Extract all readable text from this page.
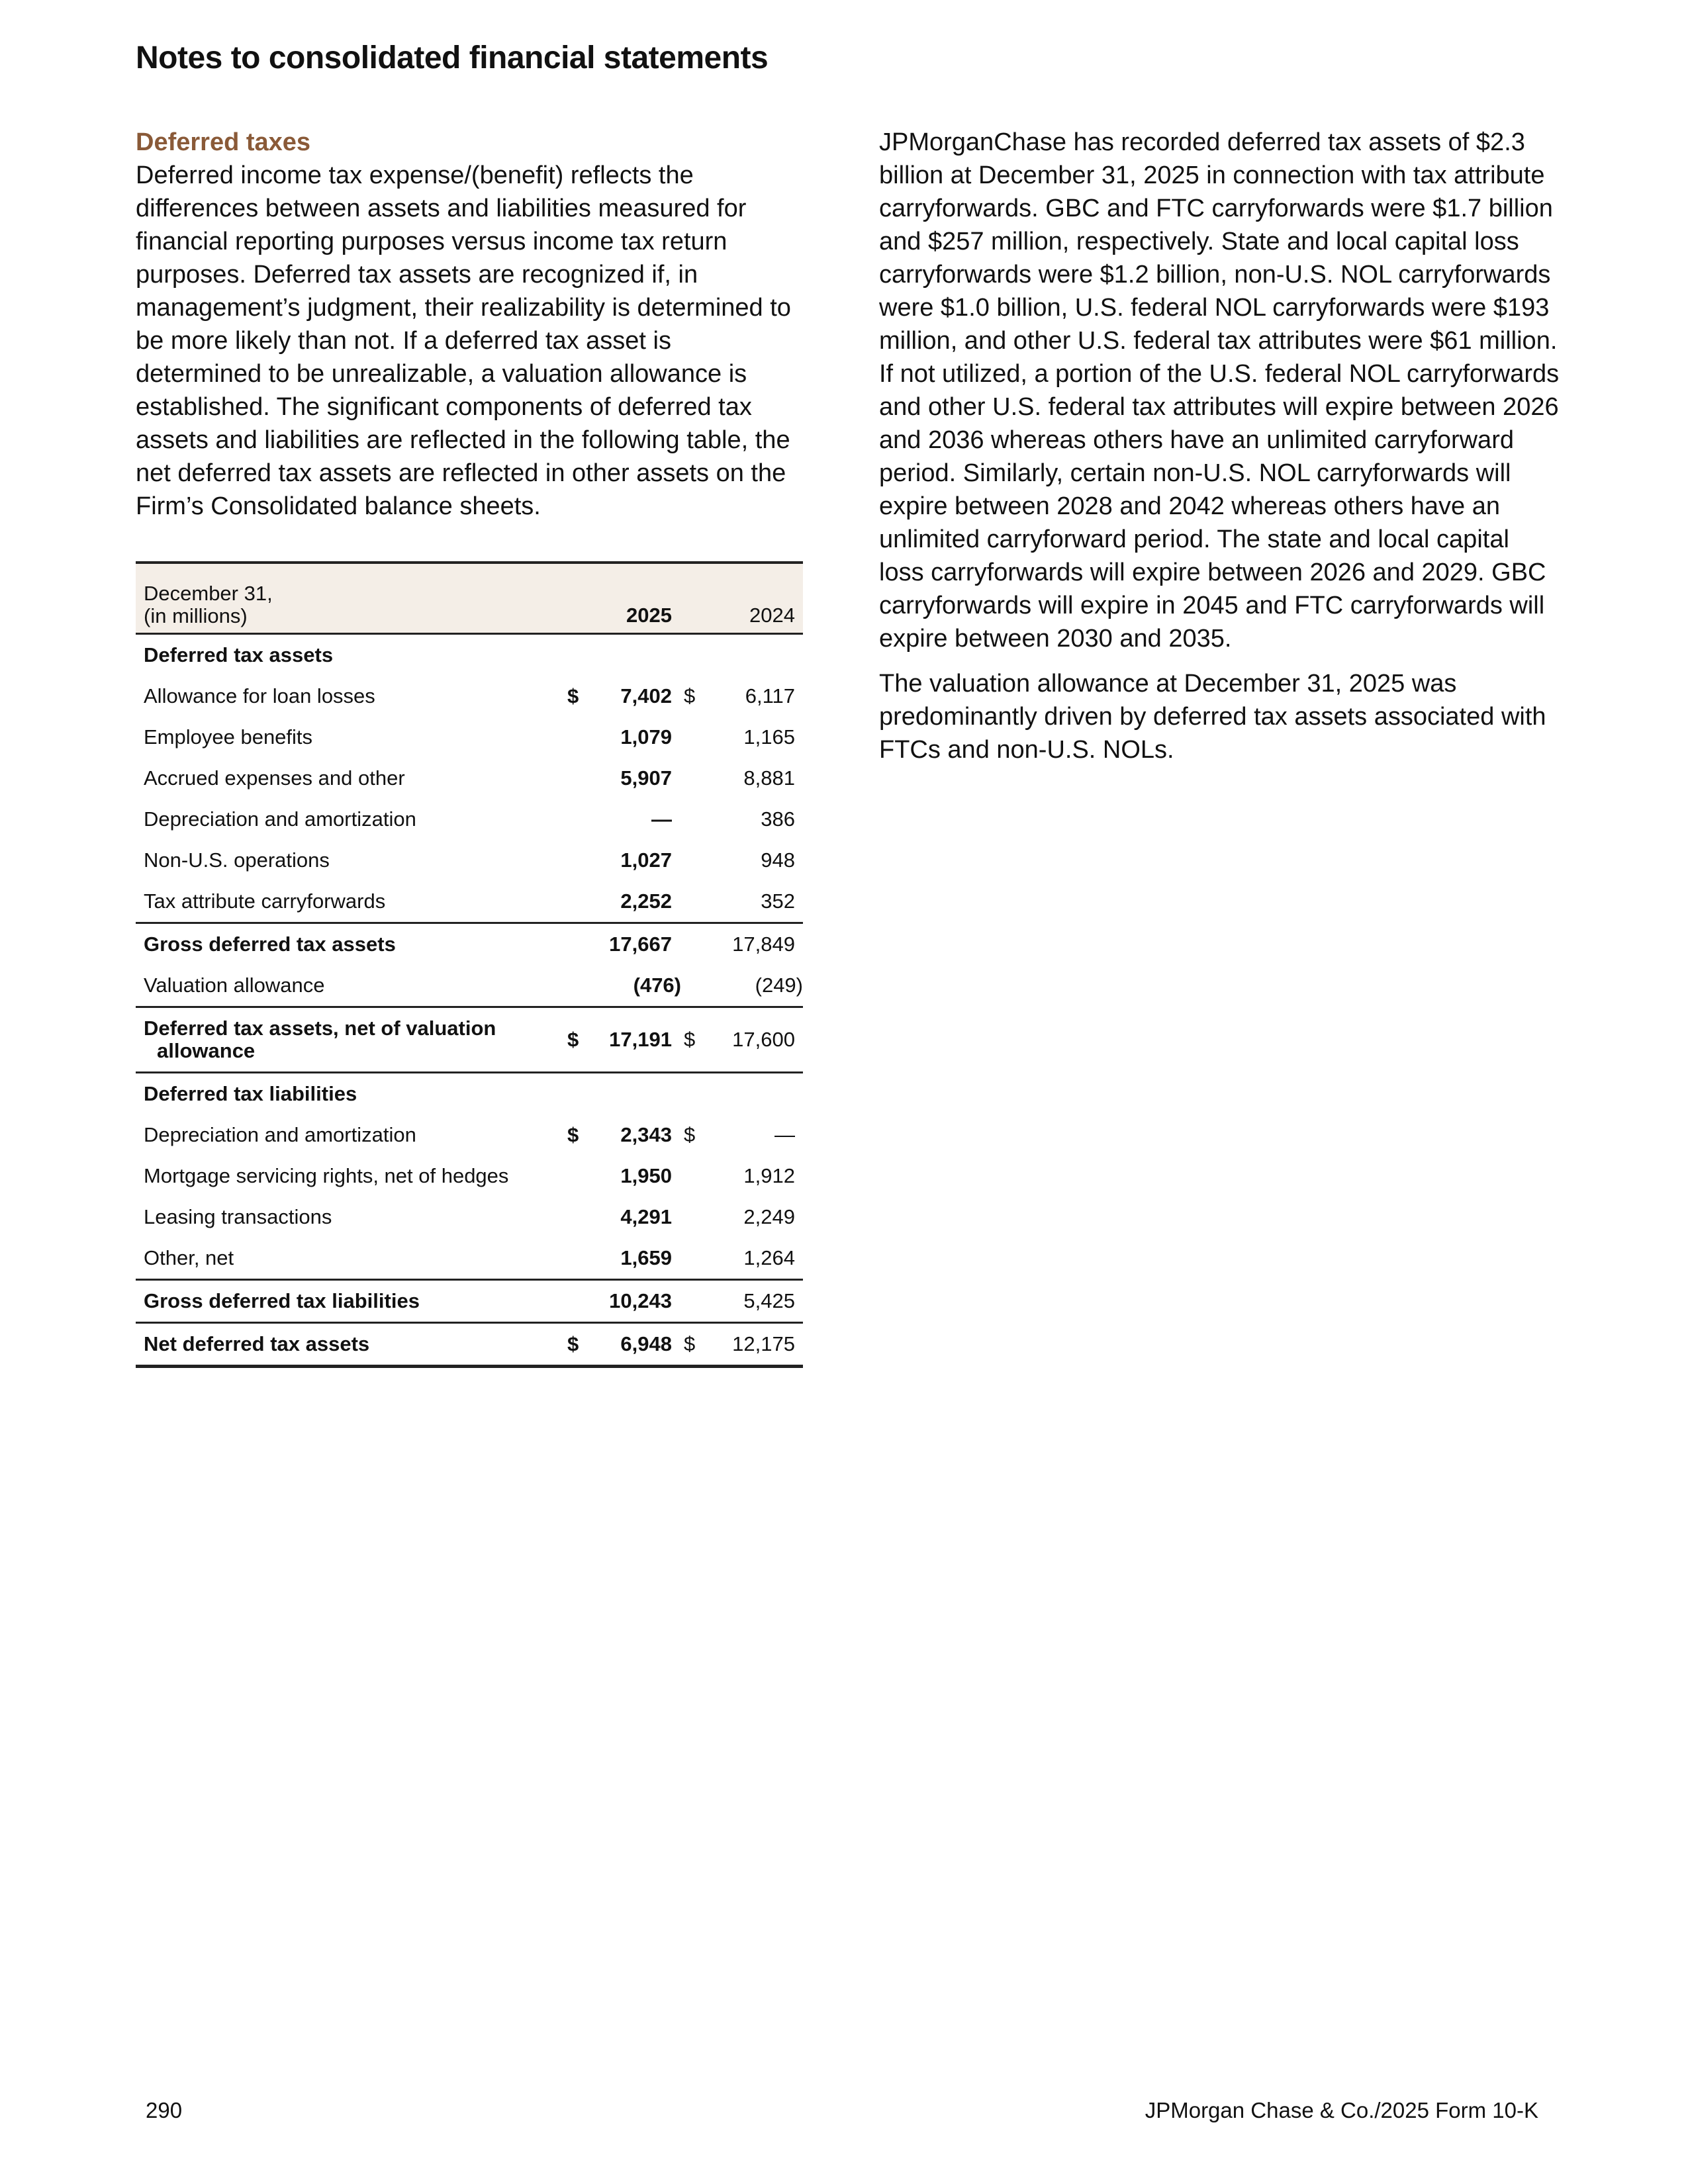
Notes to consolidated financial statements
Deferred taxes

Deferred income tax expense/(benefit) reflects the differences between assets and liabilities measured for financial reporting purposes versus income tax return purposes. Deferred tax assets are recognized if, in management’s judgment, their realizability is determined to be more likely than not. If a deferred tax asset is determined to be unrealizable, a valuation allowance is established. The significant components of deferred tax assets and liabilities are reflected in the following table, the net deferred tax assets are reflected in other assets on the Firm’s Consolidated balance sheets.

December 31,
(in millions)		2025		2024
Deferred tax assets				
Allowance for loan losses	$	7,402	$	6,117
Employee benefits		1,079		1,165
Accrued expenses and other		5,907		8,881
Depreciation and amortization		—		386
Non-U.S. operations		1,027		948
Tax attribute carryforwards		2,252		352
Gross deferred tax assets		17,667		17,849
Valuation allowance		(476)		(249)

Deferred tax assets, net of valuation
allowance	$	17,191	$	17,600
Deferred tax liabilities				
Depreciation and amortization	$	2,343	$	—
Mortgage servicing rights, net of hedges		1,950		1,912
Leasing transactions		4,291		2,249
Other, net		1,659		1,264
Gross deferred tax liabilities		10,243		5,425
Net deferred tax assets	$	6,948	$	12,175

JPMorganChase has recorded deferred tax assets of $2.3 billion at December 31, 2025 in connection with tax attribute carryforwards. GBC and FTC carryforwards were $1.7 billion and $257 million, respectively. State and local capital loss carryforwards were $1.2 billion, non-U.S. NOL carryforwards were $1.0 billion, U.S. federal NOL carryforwards were $193 million, and other U.S. federal tax attributes were $61 million. If not utilized, a portion of the U.S. federal NOL carryforwards and other U.S. federal tax attributes will expire between 2026 and 2036 whereas others have an unlimited carryforward period. Similarly, certain non-U.S. NOL carryforwards will expire between 2028 and 2042 whereas others have an unlimited carryforward period. The state and local capital loss carryforwards will expire between 2026 and 2029. GBC carryforwards will expire in 2045 and FTC carryforwards will expire between 2030 and 2035.

The valuation allowance at December 31, 2025 was predominantly driven by deferred tax assets associated with FTCs and non-U.S. NOLs.

290	JPMorgan Chase & Co./2025 Form 10-K
